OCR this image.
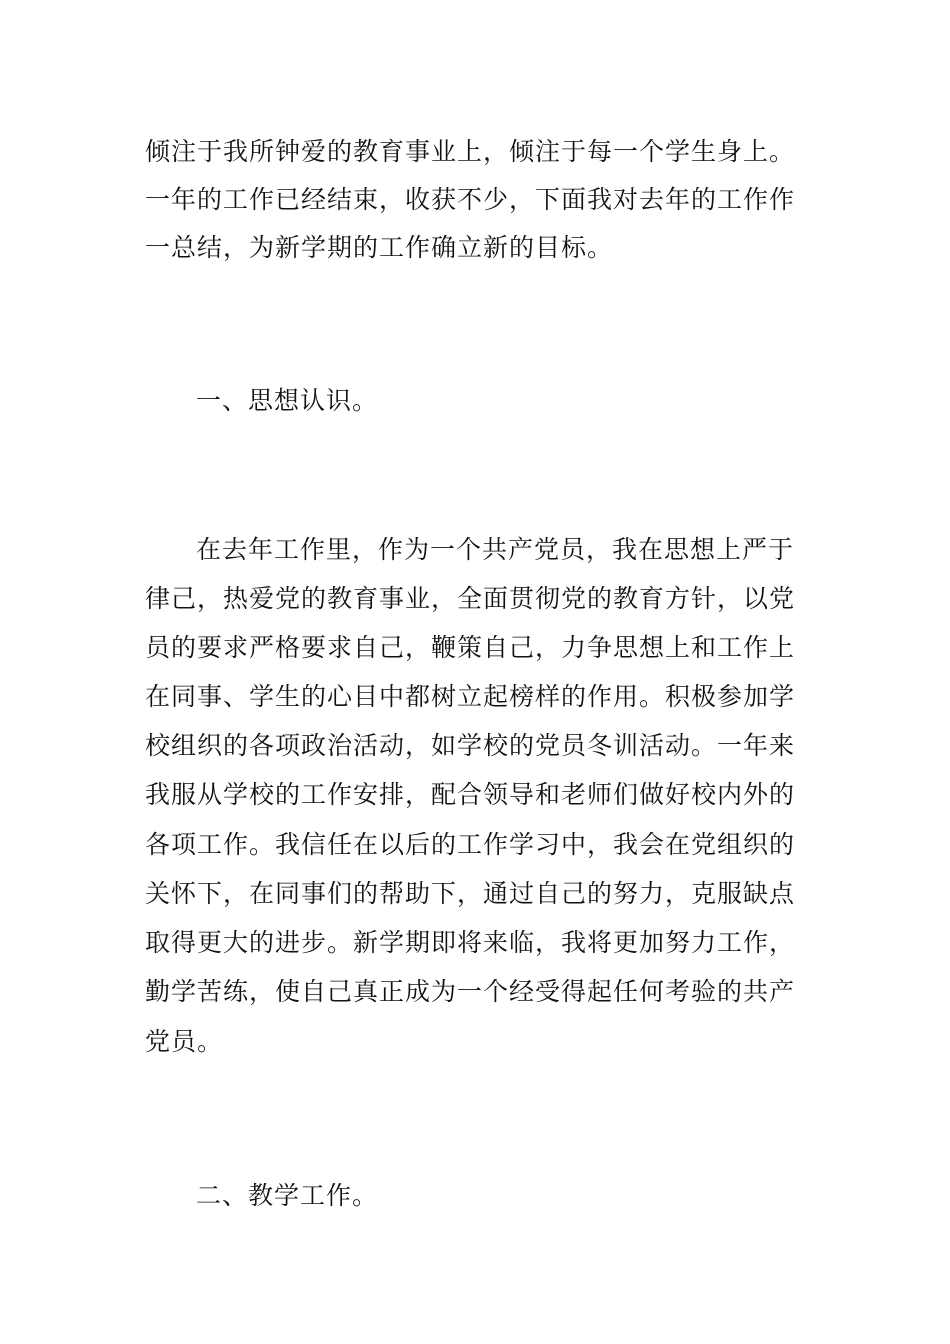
倾注于我所钟爱的教育事业上，倾注于每一个学生身上。
一年的工作已经结束，收获不少，下面我对去年的工作作
一总结，为新学期的工作确立新的目标。
一、思想认识。
在去年工作里，作为一个共产党员，我在思想上严于
律己，热爱党的教育事业，全面贯彻党的教育方针，以党
员的要求严格要求自己，鞭策自己，力争思想上和工作上
在同事、学生的心目中都树立起榜样的作用。积极参加学
校组织的各项政治活动，如学校的党员冬训活动。一年来
我服从学校的工作安排，配合领导和老师们做好校内外的
各项工作。我信任在以后的工作学习中，我会在党组织的
关怀下，在同事们的帮助下，通过自己的努力，克服缺点
取得更大的进步。新学期即将来临，我将更加努力工作，
勤学苦练，使自己真正成为一个经受得起任何考验的共产
党员。
二、教学工作。
